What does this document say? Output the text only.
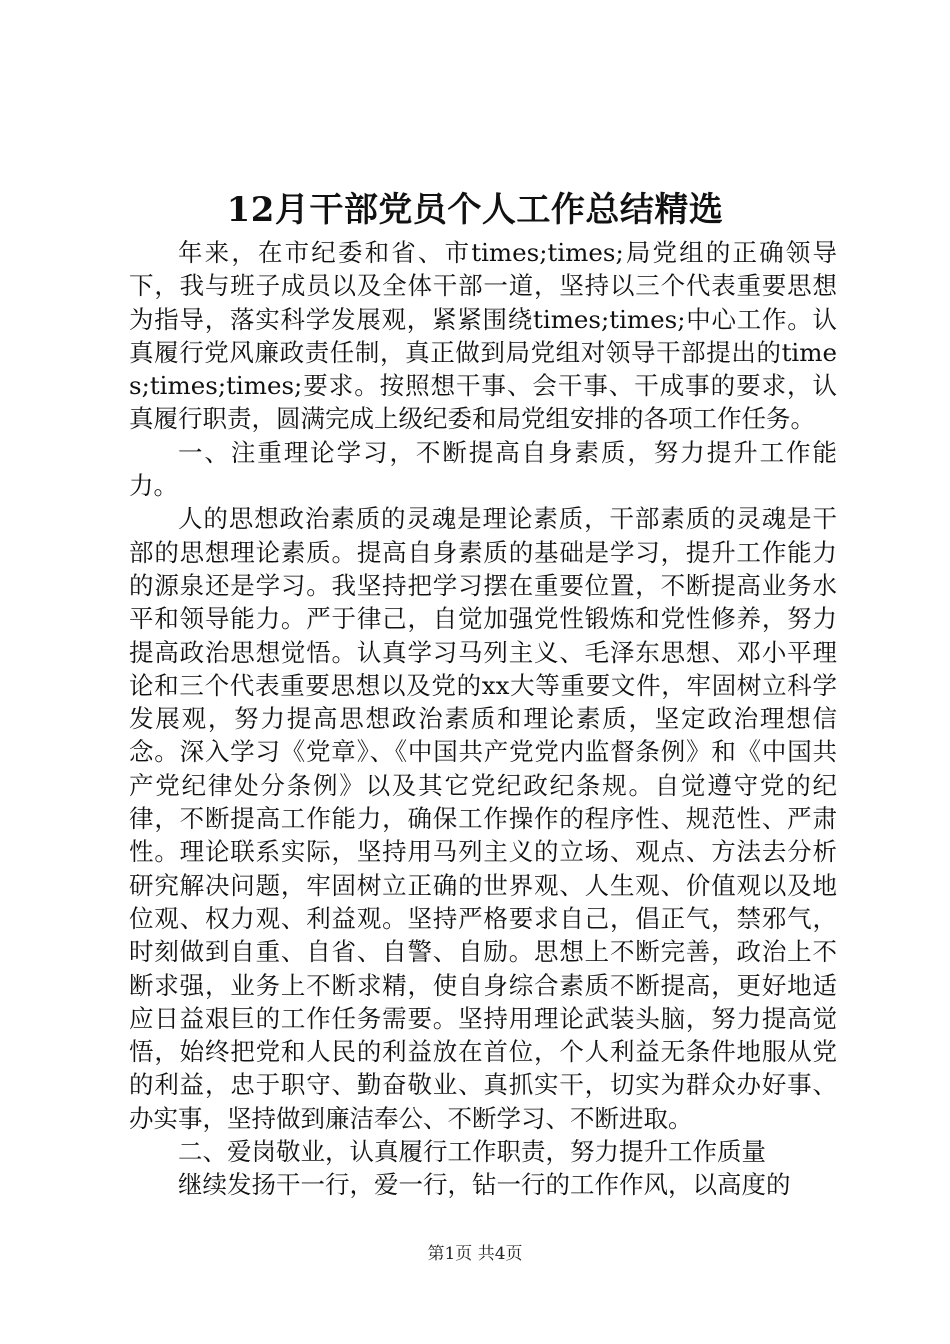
12月干部党员个人工作总结精选

年来，在市纪委和省、市times;times;局党组的正确领导下，我与班子成员以及全体干部一道，坚持以三个代表重要思想为指导，落实科学发展观，紧紧围绕times;times;中心工作。认真履行党风廉政责任制，真正做到局党组对领导干部提出的times;times;times;要求。按照想干事、会干事、干成事的要求，认真履行职责，圆满完成上级纪委和局党组安排的各项工作任务。

一、注重理论学习，不断提高自身素质，努力提升工作能力。

人的思想政治素质的灵魂是理论素质，干部素质的灵魂是干部的思想理论素质。提高自身素质的基础是学习，提升工作能力的源泉还是学习。我坚持把学习摆在重要位置，不断提高业务水平和领导能力。严于律己，自觉加强党性锻炼和党性修养，努力提高政治思想觉悟。认真学习马列主义、毛泽东思想、邓小平理论和三个代表重要思想以及党的xx大等重要文件，牢固树立科学发展观，努力提高思想政治素质和理论素质，坚定政治理想信念。深入学习《党章》、《中国共产党党内监督条例》和《中国共产党纪律处分条例》以及其它党纪政纪条规。自觉遵守党的纪律，不断提高工作能力，确保工作操作的程序性、规范性、严肃性。理论联系实际，坚持用马列主义的立场、观点、方法去分析研究解决问题，牢固树立正确的世界观、人生观、价值观以及地位观、权力观、利益观。坚持严格要求自己，倡正气，禁邪气，时刻做到自重、自省、自警、自励。思想上不断完善，政治上不断求强，业务上不断求精，使自身综合素质不断提高，更好地适应日益艰巨的工作任务需要。坚持用理论武装头脑，努力提高觉悟，始终把党和人民的利益放在首位，个人利益无条件地服从党的利益，忠于职守、勤奋敬业、真抓实干，切实为群众办好事、办实事，坚持做到廉洁奉公、不断学习、不断进取。

二、爱岗敬业，认真履行工作职责，努力提升工作质量

继续发扬干一行，爱一行，钻一行的工作作风，以高度的

第1页 共4页
